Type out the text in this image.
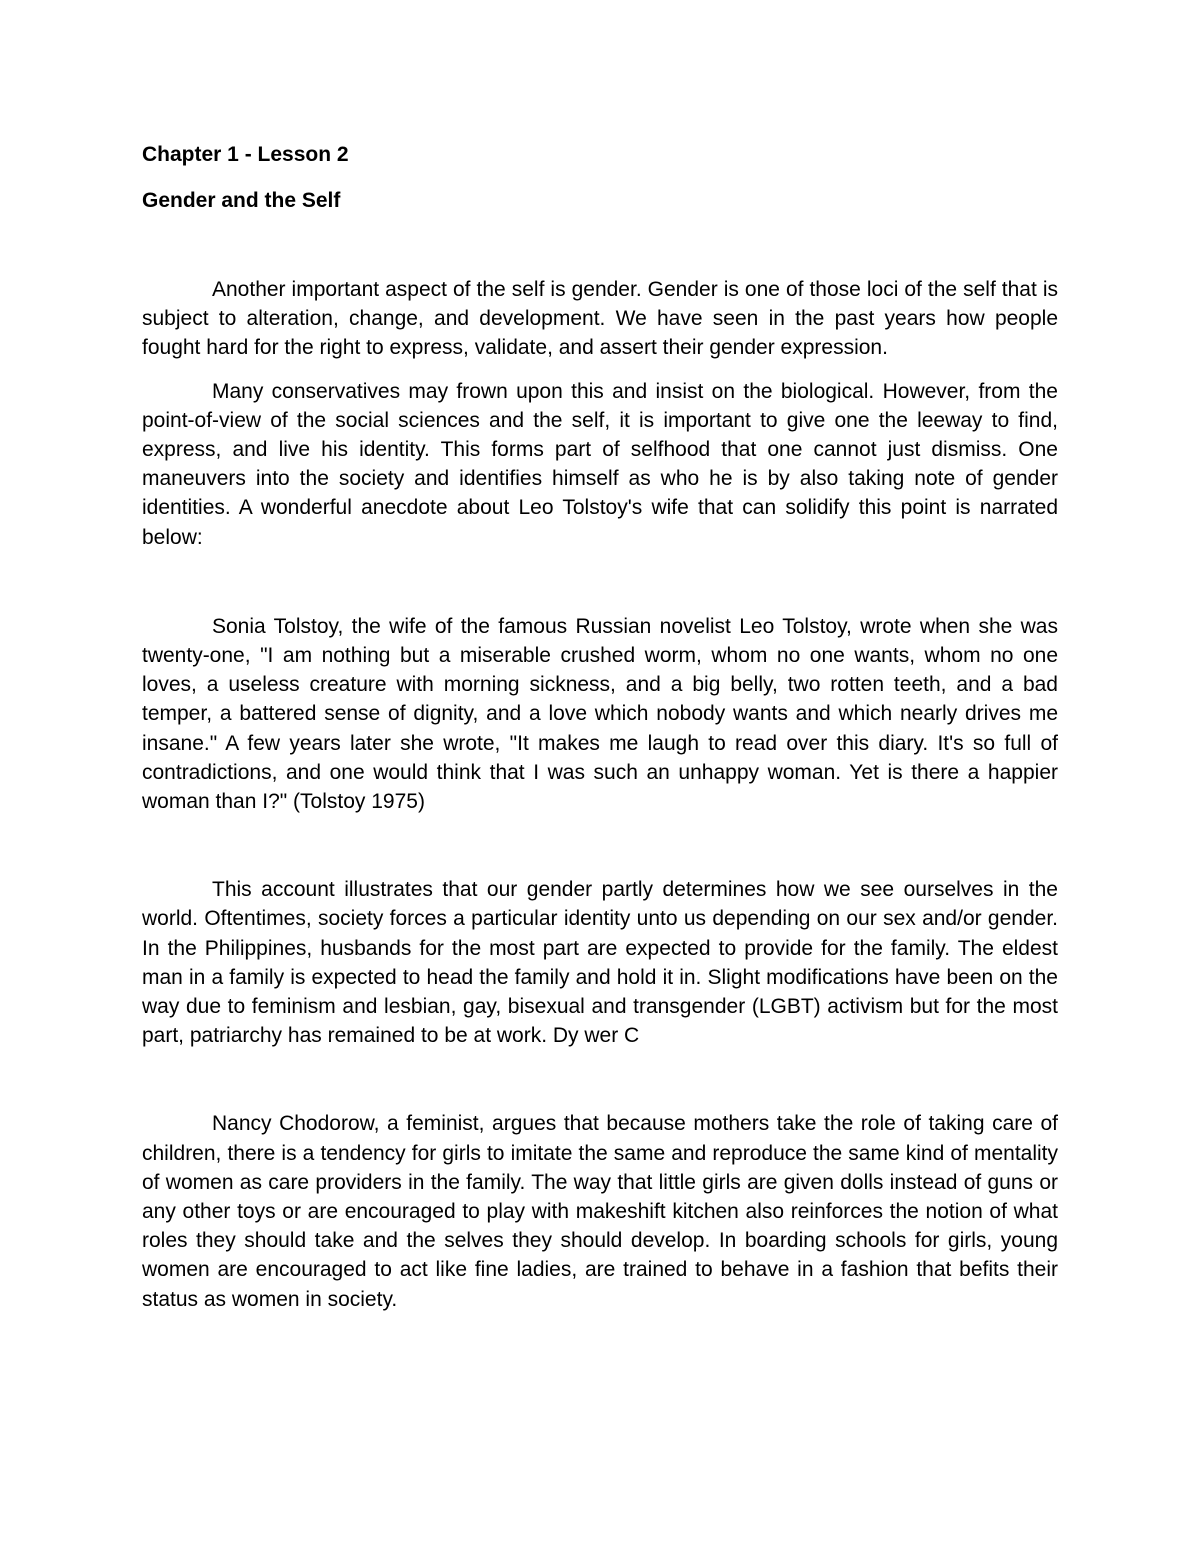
Chapter 1 - Lesson 2
Gender and the Self

Another important aspect of the self is gender. Gender is one of those loci of the self that is subject to alteration, change, and development. We have seen in the past years how people fought hard for the right to express, validate, and assert their gender expression.

Many conservatives may frown upon this and insist on the biological. However, from the point-of-view of the social sciences and the self, it is important to give one the leeway to find, express, and live his identity. This forms part of selfhood that one cannot just dismiss. One maneuvers into the society and identifies himself as who he is by also taking note of gender identities. A wonderful anecdote about Leo Tolstoy's wife that can solidify this point is narrated below:

Sonia Tolstoy, the wife of the famous Russian novelist Leo Tolstoy, wrote when she was twenty-one, "I am nothing but a miserable crushed worm, whom no one wants, whom no one loves, a useless creature with morning sickness, and a big belly, two rotten teeth, and a bad temper, a battered sense of dignity, and a love which nobody wants and which nearly drives me insane." A few years later she wrote, "It makes me laugh to read over this diary. It's so full of contradictions, and one would think that I was such an unhappy woman. Yet is there a happier woman than I?" (Tolstoy 1975)

This account illustrates that our gender partly determines how we see ourselves in the world. Oftentimes, society forces a particular identity unto us depending on our sex and/or gender. In the Philippines, husbands for the most part are expected to provide for the family. The eldest man in a family is expected to head the family and hold it in. Slight modifications have been on the way due to feminism and lesbian, gay, bisexual and transgender (LGBT) activism but for the most part, patriarchy has remained to be at work. Dy wer C

Nancy Chodorow, a feminist, argues that because mothers take the role of taking care of children, there is a tendency for girls to imitate the same and reproduce the same kind of mentality of women as care providers in the family. The way that little girls are given dolls instead of guns or any other toys or are encouraged to play with makeshift kitchen also reinforces the notion of what roles they should take and the selves they should develop. In boarding schools for girls, young women are encouraged to act like fine ladies, are trained to behave in a fashion that befits their status as women in society.
